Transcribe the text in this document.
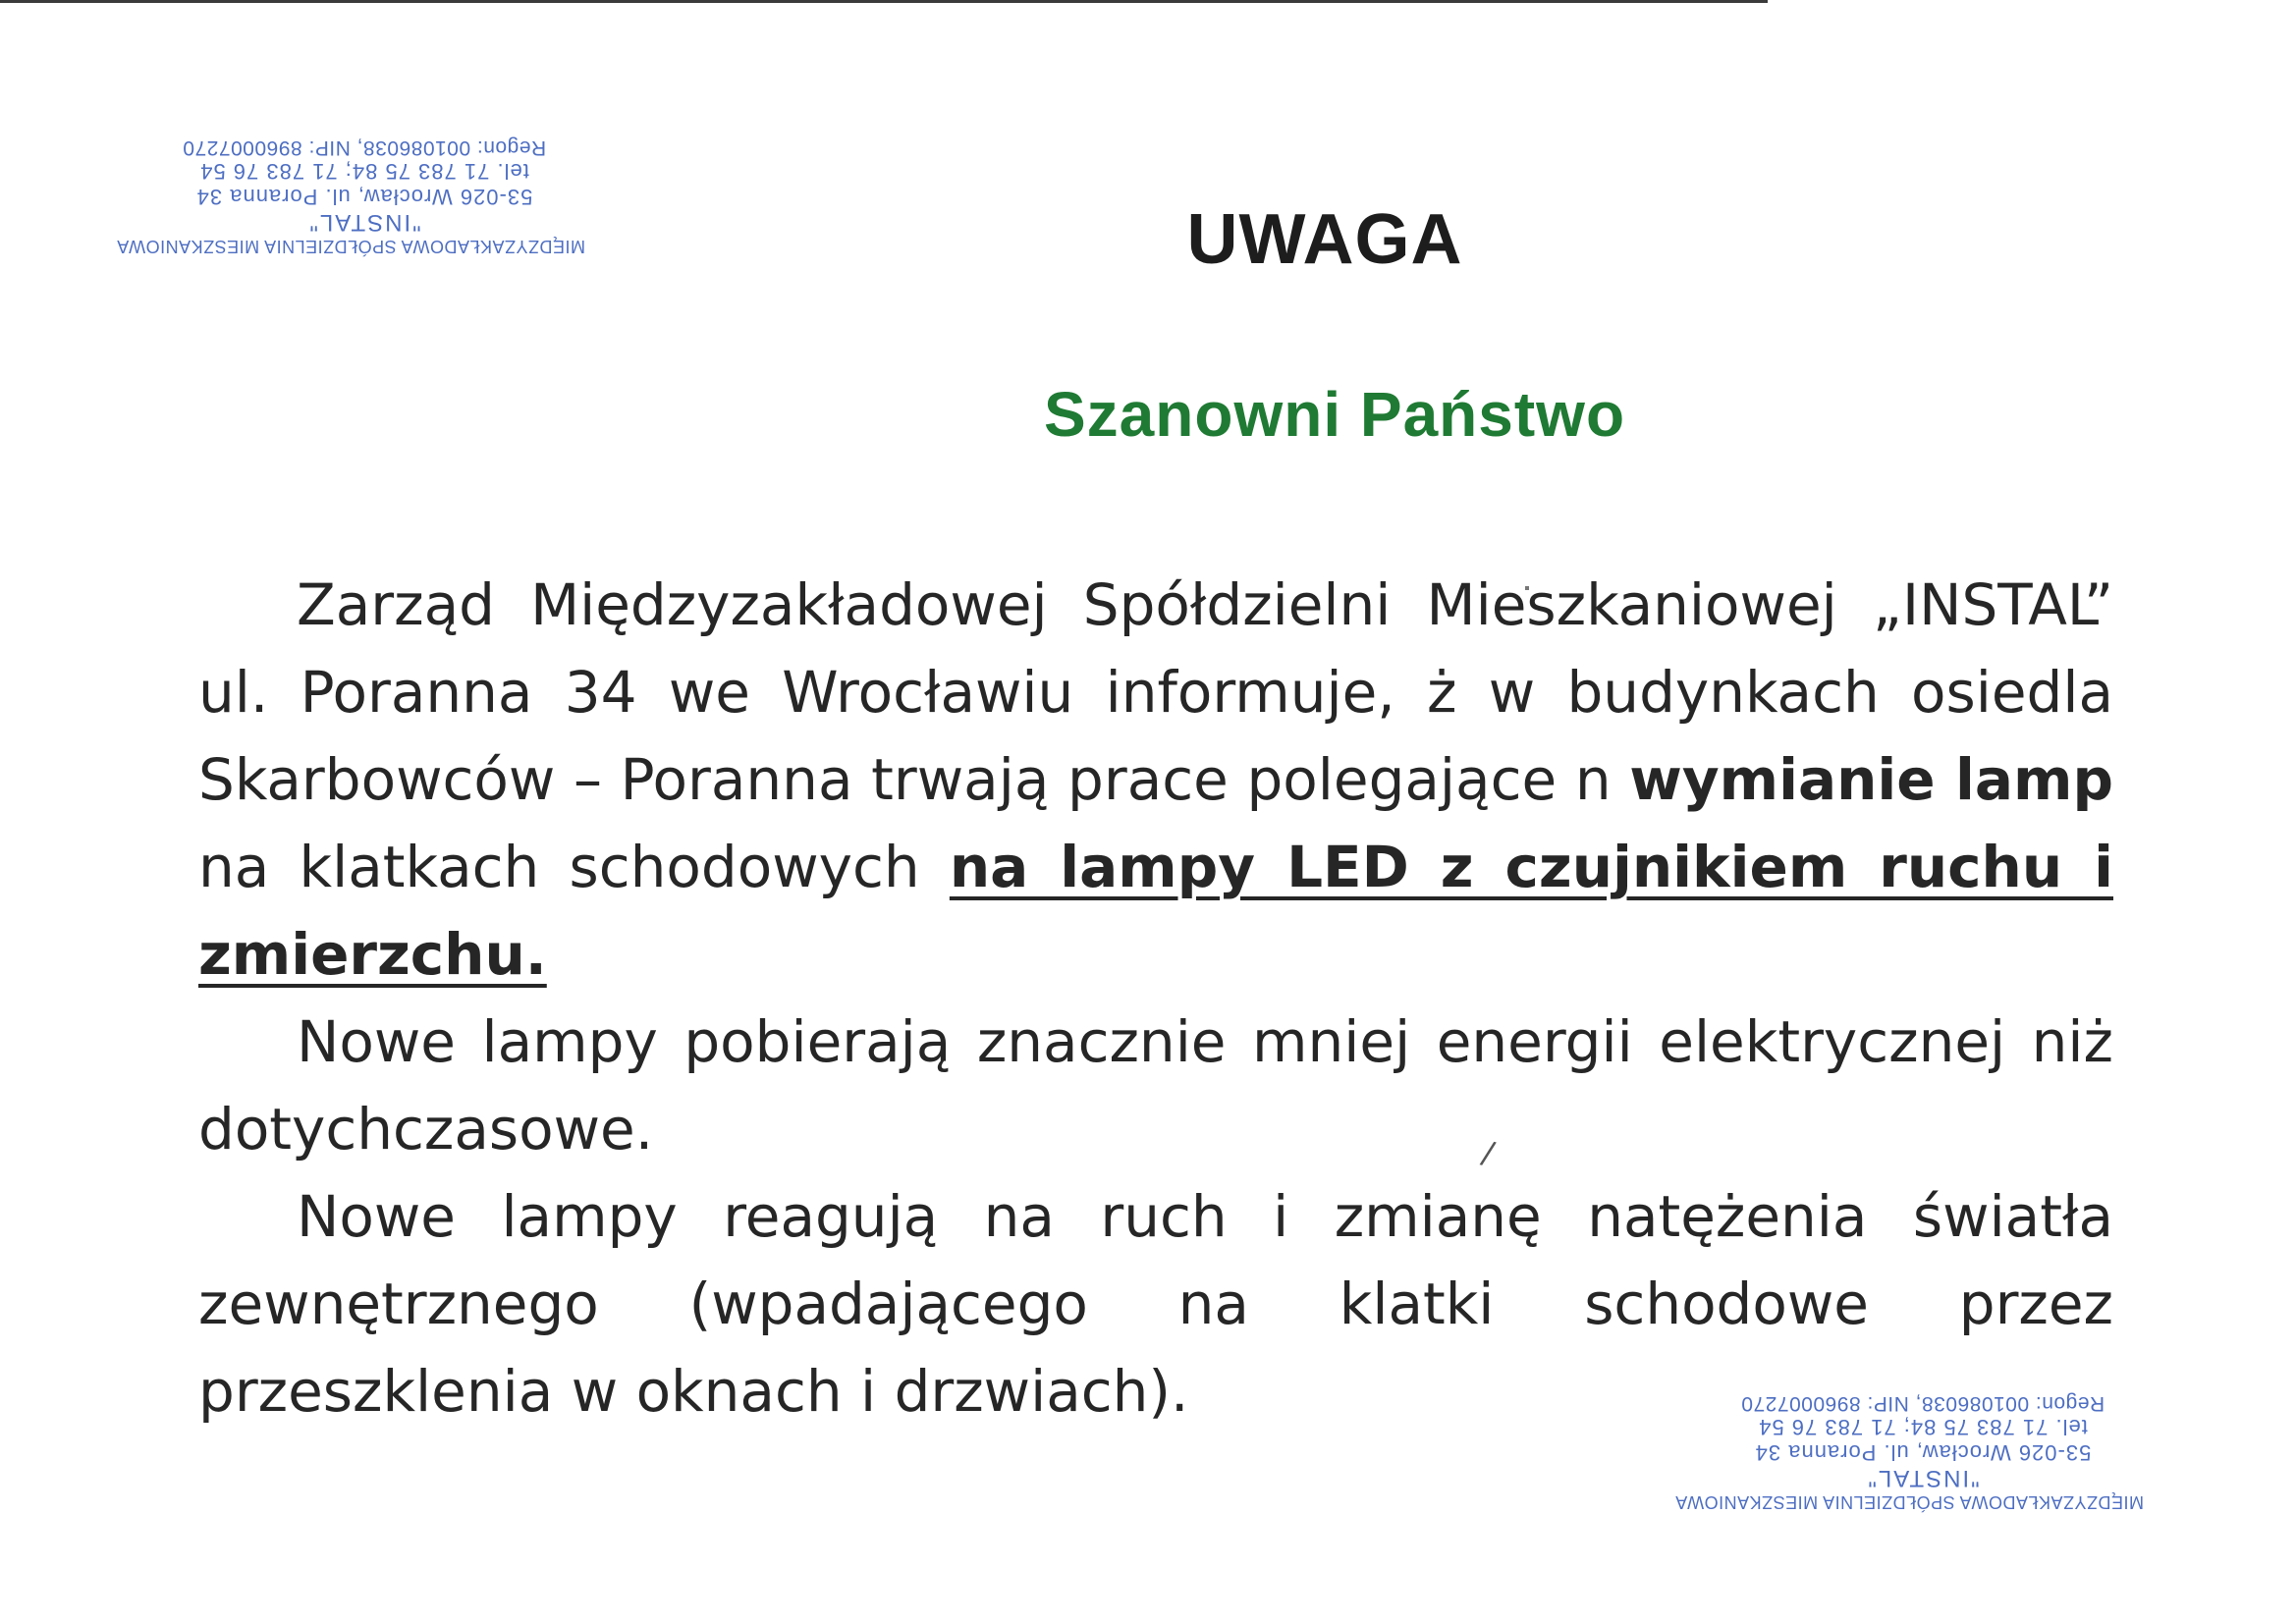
MIĘDZYZAKŁADOWA SPÓŁDZIELNIA MIESZKANIOWA
"INSTAL"
53-026 Wrocław, ul. Poranna 34
tel. 71 783 75 84; 71 783 76 54
Regon: 001086038, NIP: 8960007270
UWAGA
Szanowni Państwo

Zarząd Międzyzakładowej Spółdzielni Mieszkaniowej „INSTAL” ul. Poranna 34 we Wrocławiu informuje, ż w budynkach osiedla Skarbowców – Poranna trwają prace polegające n wymianie lamp na klatkach schodowych na lampy LED z czujnikiem ruchu i zmierzchu.

Nowe lampy pobierają znacznie mniej energii elektrycznej niż dotychczasowe.

Nowe lampy reagują na ruch i zmianę natężenia światła zewnętrznego (wpadającego na klatki schodowe przez przeszklenia w oknach i drzwiach).

/
MIĘDZYZAKŁADOWA SPÓŁDZIELNIA MIESZKANIOWA
"INSTAL"
53-026 Wrocław, ul. Poranna 34
tel. 71 783 75 84; 71 783 76 54
Regon: 001086038, NIP: 8960007270
